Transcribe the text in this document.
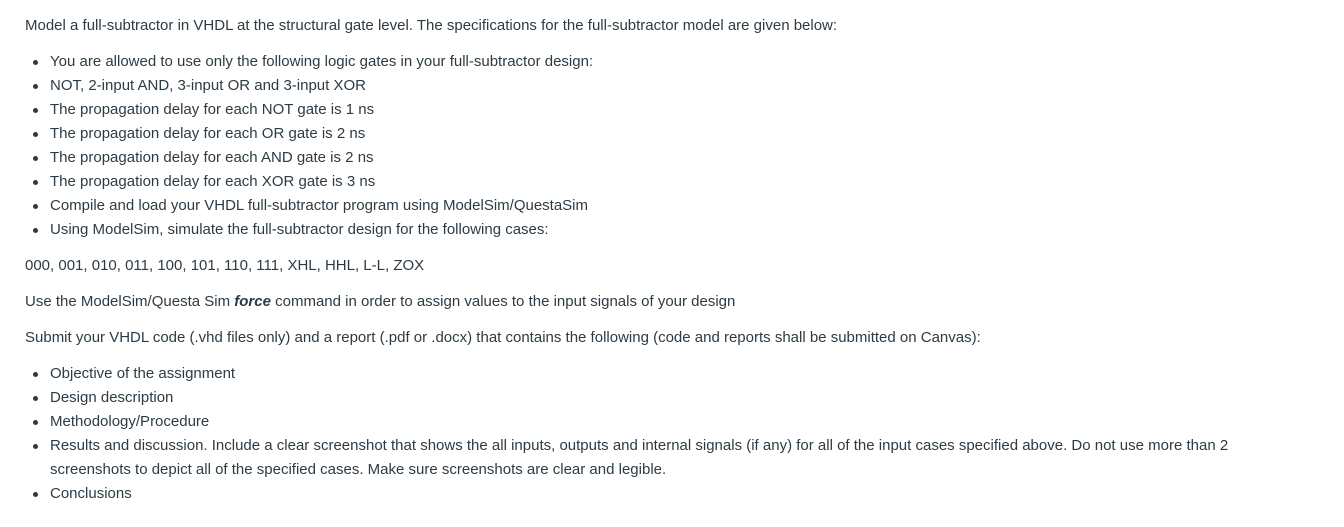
Model a full-subtractor in VHDL at the structural gate level. The specifications for the full-subtractor model are given below:

You are allowed to use only the following logic gates in your full-subtractor design:
NOT, 2-input AND, 3-input OR and 3-input XOR
The propagation delay for each NOT gate is 1 ns
The propagation delay for each OR gate is 2 ns
The propagation delay for each AND gate is 2 ns
The propagation delay for each XOR gate is 3 ns
Compile and load your VHDL full-subtractor program using ModelSim/QuestaSim
Using ModelSim, simulate the full-subtractor design for the following cases:

000, 001, 010, 011, 100, 101, 110, 111, XHL, HHL, L-L, ZOX

Use the ModelSim/Questa Sim force command in order to assign values to the input signals of your design

Submit your VHDL code (.vhd files only) and a report (.pdf or .docx) that contains the following (code and reports shall be submitted on Canvas):

Objective of the assignment
Design description
Methodology/Procedure
Results and discussion. Include a clear screenshot that shows the all inputs, outputs and internal signals (if any) for all of the input cases specified above. Do not use more than 2 screenshots to depict all of the specified cases. Make sure screenshots are clear and legible.
Conclusions
